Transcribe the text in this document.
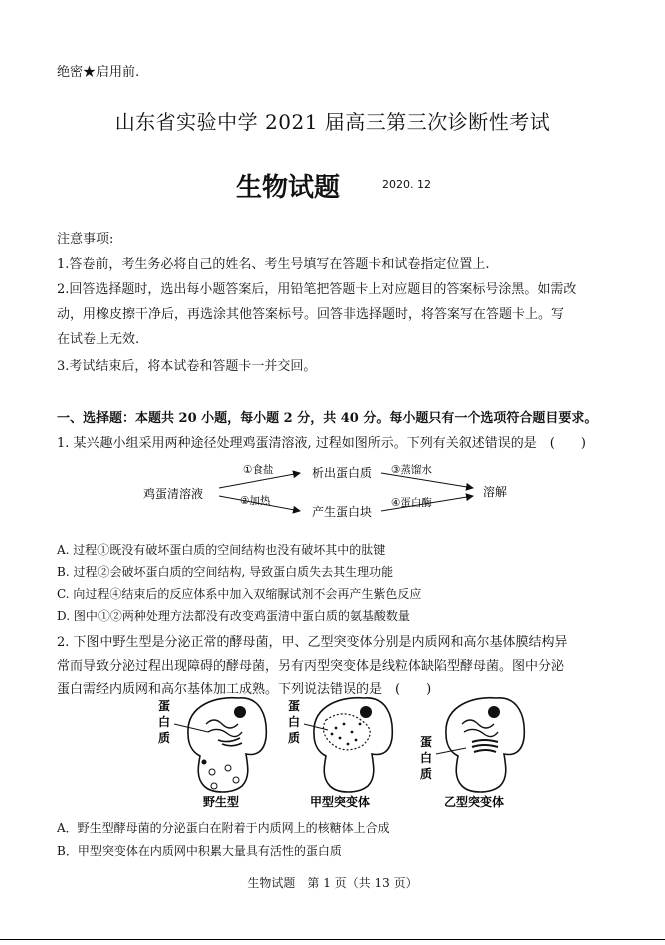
绝密★启用前.
山东省实验中学 2021 届高三第三次诊断性考试
生物试题	2020. 12
注意事项:
1.答卷前，考生务必将自己的姓名、考生号填写在答题卡和试卷指定位置上.
2.回答选择题时，选出每小题答案后，用铅笔把答题卡上对应题目的答案标号涂黑。如需改
动，用橡皮擦干净后，再选涂其他答案标号。回答非选择题时，将答案写在答题卡上。写
在试卷上无效.
3.考试结束后，将本试卷和答题卡一并交回。
一、选择题：本题共 20 小题，每小题 2 分，共 40 分。每小题只有一个选项符合题目要求。
1. 某兴趣小组采用两种途径处理鸡蛋清溶液, 过程如图所示。下列有关叙述错误的是　(　　)
鸡蛋清溶液
①食盐
②加热
析出蛋白质
产生蛋白块
③蒸馏水
④蛋白酶
溶解
A. 过程①既没有破坏蛋白质的空间结构也没有破坏其中的肽键
B. 过程②会破坏蛋白质的空间结构, 导致蛋白质失去其生理功能
C. 向过程④结束后的反应体系中加入双缩脲试剂不会再产生紫色反应
D. 图中①②两种处理方法都没有改变鸡蛋清中蛋白质的氨基酸数量
2. 下图中野生型是分泌正常的酵母菌，甲、乙型突变体分别是内质网和高尔基体膜结构异
常而导致分泌过程出现障碍的酵母菌，另有丙型突变体是线粒体缺陷型酵母菌。图中分泌
蛋白需经内质网和高尔基体加工成熟。下列说法错误的是　(　　)
蛋
白
质
野生型
蛋
白
质
甲型突变体
蛋
白
质
乙型突变体
A．野生型酵母菌的分泌蛋白在附着于内质网上的核糖体上合成
B．甲型突变体在内质网中积累大量具有活性的蛋白质
生物试题　第 1 页（共 13 页）
